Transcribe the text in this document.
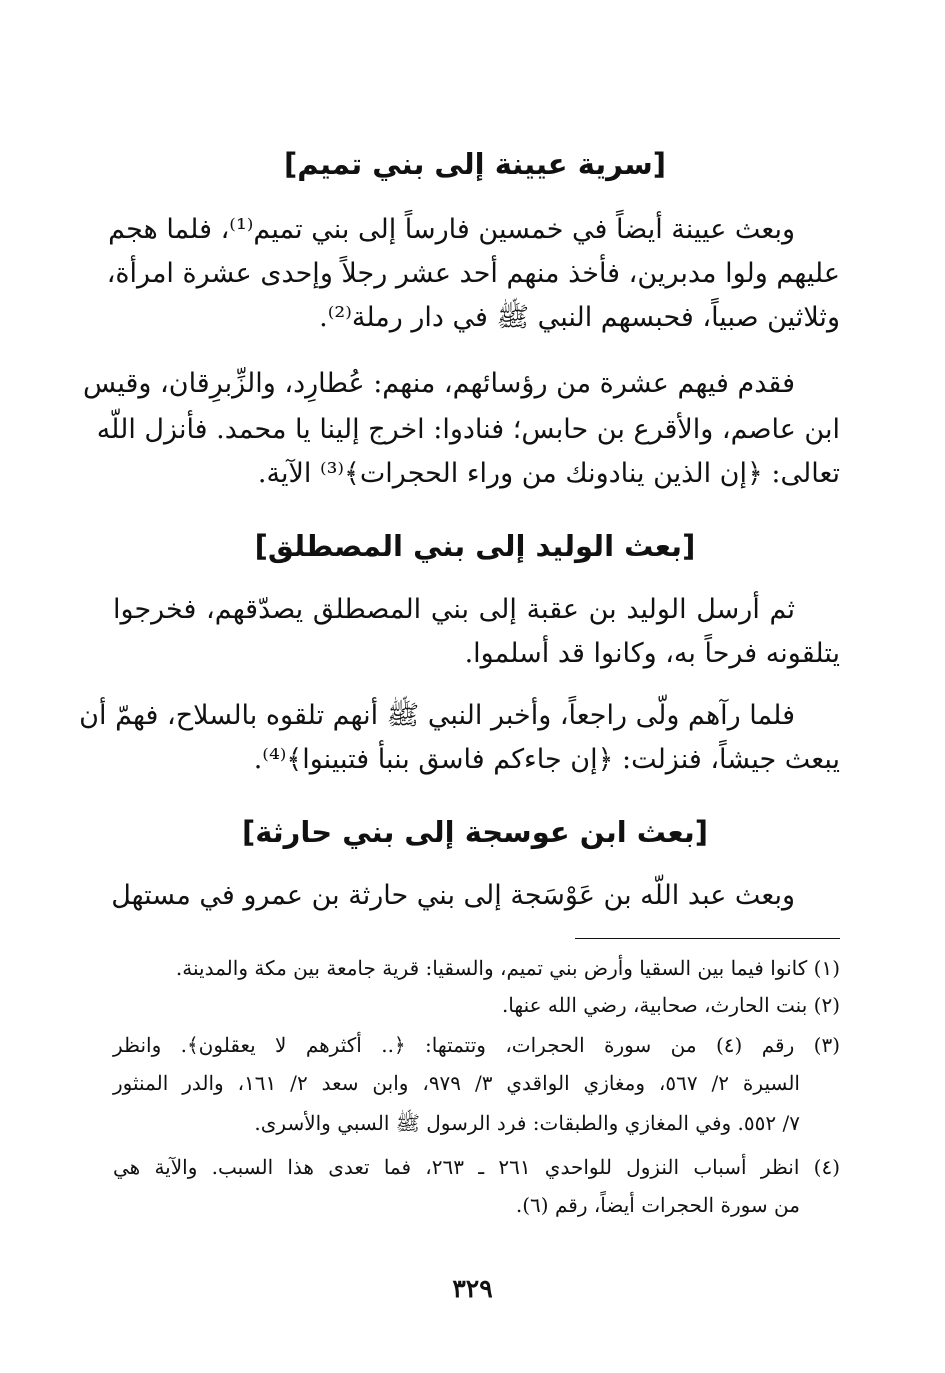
[سرية عيينة إلى بني تميم]
وبعث عيينة أيضاً في خمسين فارساً إلى بني تميم⁽¹⁾، فلما هجم
عليهم ولوا مدبرين، فأخذ منهم أحد عشر رجلاً وإحدى عشرة امرأة،
وثلاثين صبياً، فحبسهم النبي ﷺ في دار رملة⁽²⁾.
فقدم فيهم عشرة من رؤسائهم، منهم: عُطارِد، والزِّبرِقان، وقيس
ابن عاصم، والأقرع بن حابس؛ فنادوا: اخرج إلينا يا محمد. فأنزل اللّه
تعالى: ﴿إن الذين ينادونك من وراء الحجرات﴾⁽³⁾ الآية.
[بعث الوليد إلى بني المصطلق]
ثم أرسل الوليد بن عقبة إلى بني المصطلق يصدّقهم، فخرجوا
يتلقونه فرحاً به، وكانوا قد أسلموا.
فلما رآهم ولّى راجعاً، وأخبر النبي ﷺ أنهم تلقوه بالسلاح، فهمّ أن
يبعث جيشاً، فنزلت: ﴿إن جاءكم فاسق بنبأ فتبينوا﴾⁽⁴⁾.
[بعث ابن عوسجة إلى بني حارثة]
وبعث عبد اللّه بن عَوْسَجة إلى بني حارثة بن عمرو في مستهل
(١) كانوا فيما بين السقيا وأرض بني تميم، والسقيا: قرية جامعة بين مكة والمدينة.
(٢) بنت الحارث، صحابية، رضي الله عنها.
(٣) رقم (٤) من سورة الحجرات، وتتمتها: ﴿.. أكثرهم لا يعقلون﴾. وانظر
السيرة ٢/ ٥٦٧، ومغازي الواقدي ٣/ ٩٧٩، وابن سعد ٢/ ١٦١، والدر المنثور
٧/ ٥٥٢. وفي المغازي والطبقات: فرد الرسول ﷺ السبي والأسرى.
(٤) انظر أسباب النزول للواحدي ٢٦١ ـ ٢٦٣، فما تعدى هذا السبب. والآية هي
من سورة الحجرات أيضاً، رقم (٦).
٣٢٩
